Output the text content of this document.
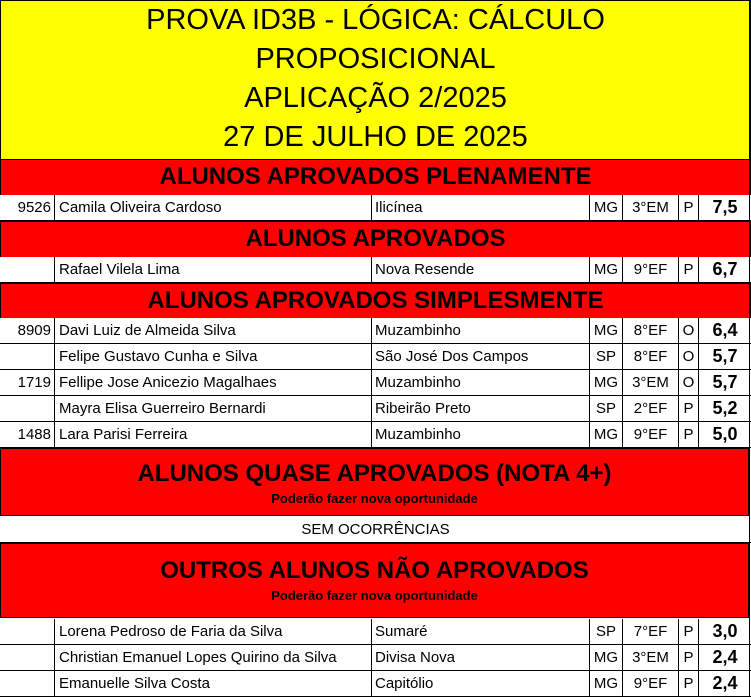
PROVA ID3B - LÓGICA: CÁLCULO
PROPOSICIONAL
APLICAÇÃO 2/2025
27 DE JULHO DE 2025
ALUNOS APROVADOS PLENAMENTE
9526 Camila Oliveira Cardoso	Ilicínea	MG 3°EM P	7,5
ALUNOS APROVADOS
Rafael Vilela Lima	Nova Resende	MG	9°EF	P	6,7
ALUNOS APROVADOS SIMPLESMENTE
8909 Davi Luiz de Almeida Silva	Muzambinho	MG	8°EF	O	6,4
Felipe Gustavo Cunha e Silva	São José Dos Campos	SP	8°EF	O	5,7
1719 Fellipe Jose Anicezio Magalhaes	Muzambinho	MG 3°EM O	5,7
Mayra Elisa Guerreiro Bernardi	Ribeirão Preto	SP	2°EF	P	5,2
1488 Lara Parisi Ferreira	Muzambinho	MG	9°EF	P	5,0
ALUNOS QUASE APROVADOS (NOTA 4+)
Poderão fazer nova oportunidade
SEM OCORRÊNCIAS
OUTROS ALUNOS NÃO APROVADOS
Poderão fazer nova oportunidade
Lorena Pedroso de Faria da Silva	Sumaré	SP	7°EF	P	3,0
Christian Emanuel Lopes Quirino da Silva	Divisa Nova	MG 3°EM P	2,4
Emanuelle Silva Costa	Capitólio	MG	9°EF	P	2,4
